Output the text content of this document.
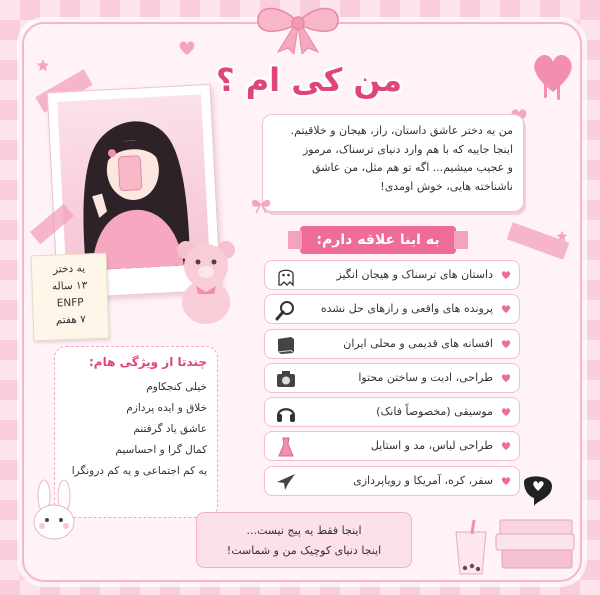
من کی ام ؟
من یه دختر عاشق داستان، راز، هیجان و خلاقیتم.
اینجا جاییه که با هم وارد دنیای ترسناک، مرموز
و عجیب میشیم... اگه تو هم مثل، من عاشق
ناشناخته هایی، خوش اومدی!
یه دختر
۱۳ ساله
ENFP
۷ هفتم
به اینا علاقه دارم:
داستان های ترسناک و هیجان انگیز
پرونده های واقعی و رازهای حل نشده
افسانه های قدیمی و محلی ایران
طراحی، ادیت و ساختن محتوا
موسیقی (مخصوصاً فانک)
طراحی لباس، مد و استایل
سفر، کره، آمریکا و رویاپردازی
چندتا از ویژگی هام:
خیلی کنجکاوم
خلاق و ایده پردازم
عاشق یاد گرفتنم
کمال گرا و احساسیم
یه کم اجتماعی و یه کم درونگرا
اینجا فقط یه پیج نیست...
اینجا دنیای کوچیک من و شماست!
